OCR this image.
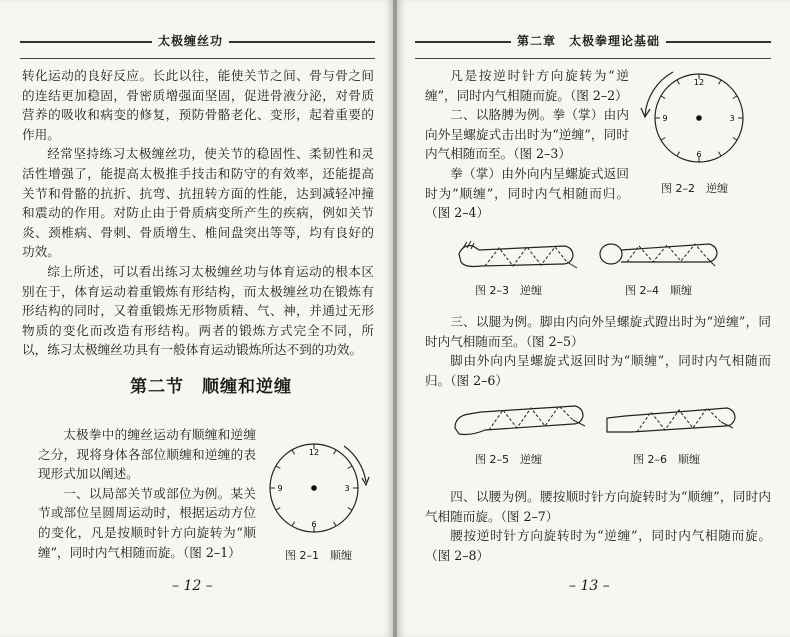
太极缠丝功

转化运动的良好反应。长此以往，能使关节之间、骨与骨之间的连结更加稳固，骨密质增强面坚固，促进骨液分泌，对骨质营养的吸收和病变的修复，预防骨骼老化、变形，起着重要的作用。

经常坚持练习太极缠丝功，使关节的稳固性、柔韧性和灵活性增强了，能提高太极推手技击和防守的有效率，还能提高关节和骨骼的抗折、抗弯、抗扭转方面的性能，达到减轻冲撞和震动的作用。对防止由于骨质病变所产生的疾病，例如关节炎、颈椎病、骨刺、骨质增生、椎间盘突出等等，均有良好的功效。

综上所述，可以看出练习太极缠丝功与体育运动的根本区别在于，体育运动着重锻炼有形结构，而太极缠丝功在锻炼有形结构的同时，又着重锻炼无形物质精、气、神，并通过无形物质的变化而改造有形结构。两者的锻炼方式完全不同，所以，练习太极缠丝功具有一般体育运动锻炼所达不到的功效。

第二节　顺缠和逆缠

太极拳中的缠丝运动有顺缠和逆缠之分，现将身体各部位顺缠和逆缠的表现形式加以阐述。

一、以局部关节或部位为例。某关节或部位呈圆周运动时，根据运动方位的变化，凡是按顺时针方向旋转为“顺缠”，同时内气相随而旋。（图 2–1）

12
3
6
9
图 2–1　顺缠
– 12 –
第二章　太极拳理论基础

凡是按逆时针方向旋转为“逆缠”，同时内气相随而旋。（图 2–2）

二、以胳膊为例。拳（掌）由内向外呈螺旋式击出时为“逆缠”，同时内气相随而至。（图 2–3）

拳（掌）由外向内呈螺旋式返回时为“顺缠”，同时内气相随而归。（图 2–4）

12
3
6
9
图 2–2　逆缠
图 2–3　逆缠	图 2–4　顺缠

三、以腿为例。脚由内向外呈螺旋式蹬出时为“逆缠”，同时内气相随而至。（图 2–5）

脚由外向内呈螺旋式返回时为“顺缠”，同时内气相随而归。（图 2–6）

图 2–5　逆缠	图 2–6　顺缠

四、以腰为例。腰按顺时针方向旋转时为“顺缠”，同时内气相随而旋。（图 2–7）

腰按逆时针方向旋转时为“逆缠”，同时内气相随而旋。（图 2–8）

– 13 –
